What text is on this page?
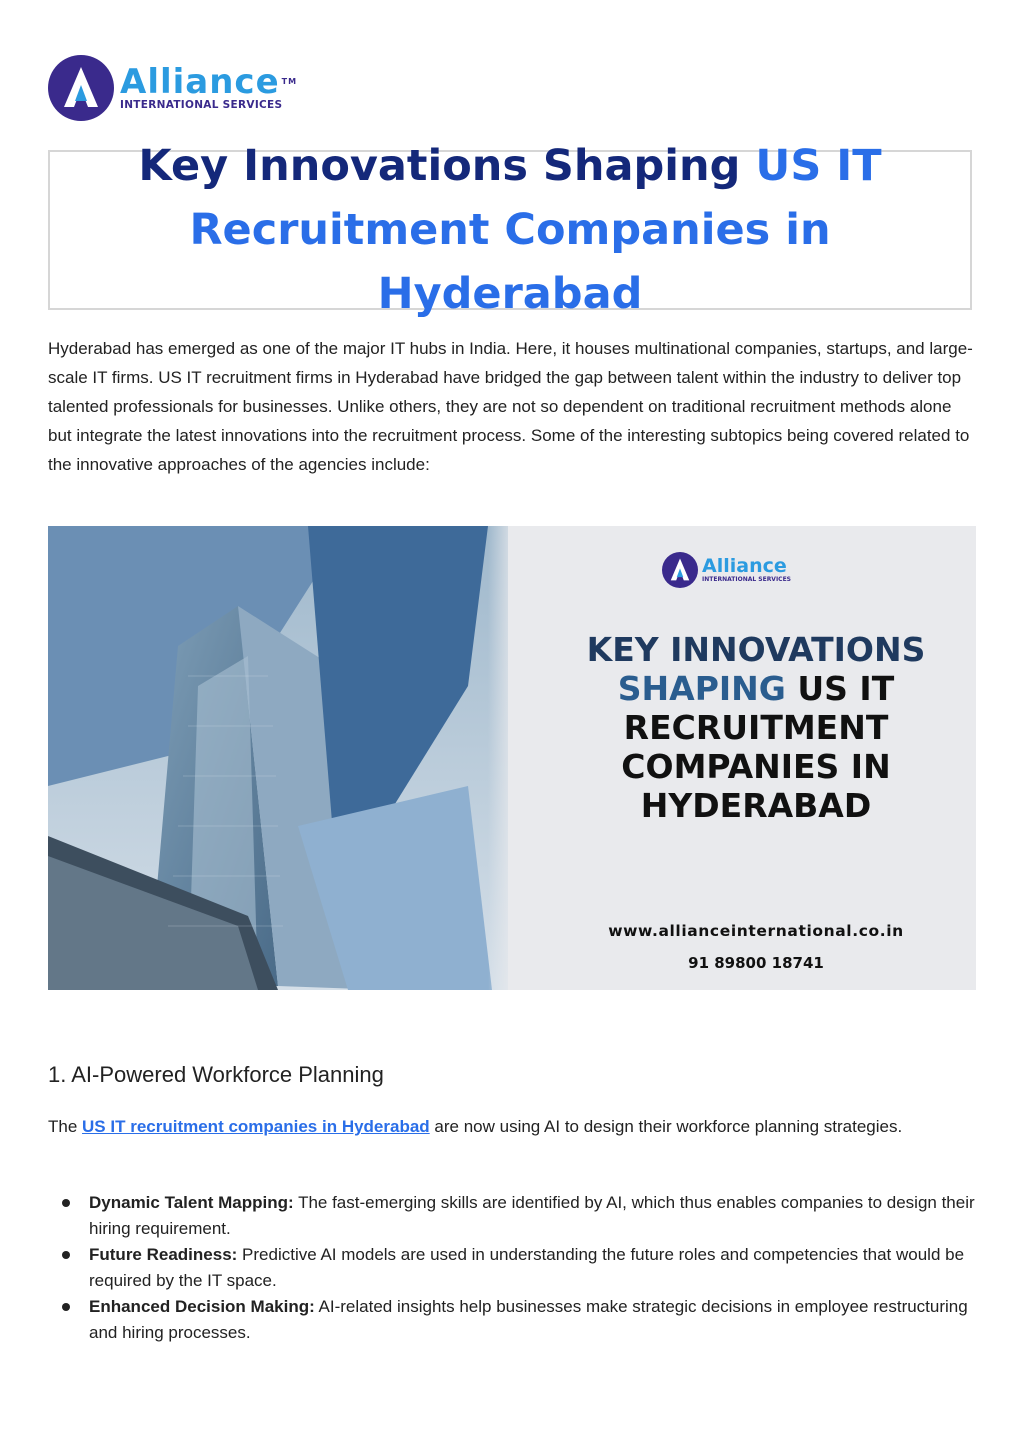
Alliance ™
INTERNATIONAL SERVICES
Key Innovations Shaping US IT Recruitment Companies in Hyderabad

Hyderabad has emerged as one of the major IT hubs in India. Here, it houses multinational companies, startups, and large-scale IT firms. US IT recruitment firms in Hyderabad have bridged the gap between talent within the industry to deliver top talented professionals for businesses. Unlike others, they are not so dependent on traditional recruitment methods alone but integrate the latest innovations into the recruitment process. Some of the interesting subtopics being covered related to the innovative approaches of the agencies include:

Alliance
INTERNATIONAL SERVICES
KEY INNOVATIONS
SHAPING US IT
RECRUITMENT
COMPANIES IN
HYDERABAD
www.allianceinternational.co.in
91 89800 18741
1. AI-Powered Workforce Planning

The US IT recruitment companies in Hyderabad are now using AI to design their workforce planning strategies.

Dynamic Talent Mapping: The fast-emerging skills are identified by AI, which thus enables companies to design their hiring requirement.
Future Readiness: Predictive AI models are used in understanding the future roles and competencies that would be required by the IT space.
Enhanced Decision Making: AI-related insights help businesses make strategic decisions in employee restructuring and hiring processes.
